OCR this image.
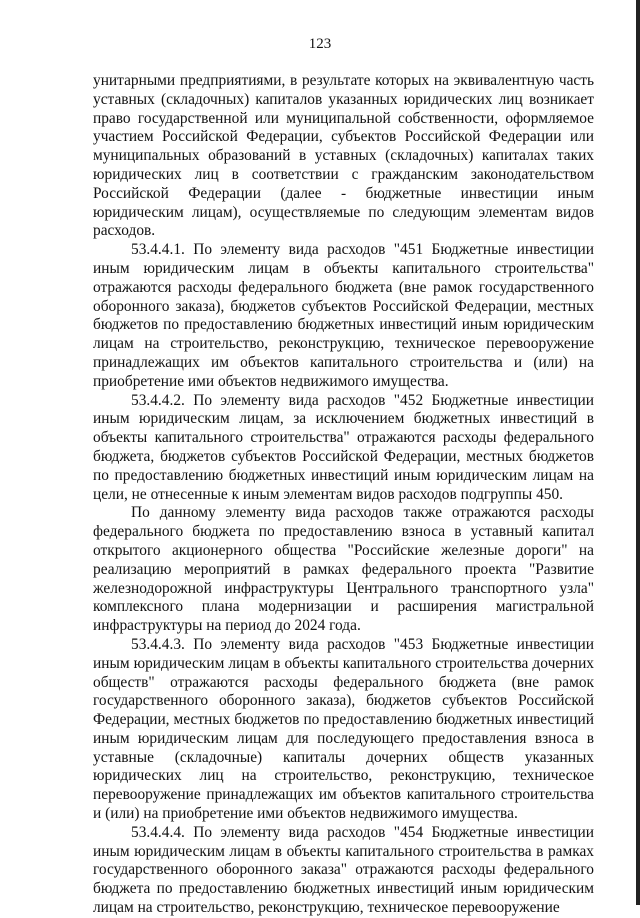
123

унитарными предприятиями, в результате которых на эквивалентную часть уставных (складочных) капиталов указанных юридических лиц возникает право государственной или муниципальной собственности, оформляемое участием Российской Федерации, субъектов Российской Федерации или муниципальных образований в уставных (складочных) капиталах таких юридических лиц в соответствии с гражданским законодательством Российской Федерации (далее - бюджетные инвестиции иным юридическим лицам), осуществляемые по следующим элементам видов расходов.

53.4.4.1. По элементу вида расходов "451 Бюджетные инвестиции иным юридическим лицам в объекты капитального строительства" отражаются расходы федерального бюджета (вне рамок государственного оборонного заказа), бюджетов субъектов Российской Федерации, местных бюджетов по предоставлению бюджетных инвестиций иным юридическим лицам на строительство, реконструкцию, техническое перевооружение принадлежащих им объектов капитального строительства и (или) на приобретение ими объектов недвижимого имущества.

53.4.4.2. По элементу вида расходов "452 Бюджетные инвестиции иным юридическим лицам, за исключением бюджетных инвестиций в объекты капитального строительства" отражаются расходы федерального бюджета, бюджетов субъектов Российской Федерации, местных бюджетов по предоставлению бюджетных инвестиций иным юридическим лицам на цели, не отнесенные к иным элементам видов расходов подгруппы 450.

По данному элементу вида расходов также отражаются расходы федерального бюджета по предоставлению взноса в уставный капитал открытого акционерного общества "Российские железные дороги" на реализацию мероприятий в рамках федерального проекта "Развитие железнодорожной инфраструктуры Центрального транспортного узла" комплексного плана модернизации и расширения магистральной инфраструктуры на период до 2024 года.

53.4.4.3. По элементу вида расходов "453 Бюджетные инвестиции иным юридическим лицам в объекты капитального строительства дочерних обществ" отражаются расходы федерального бюджета (вне рамок государственного оборонного заказа), бюджетов субъектов Российской Федерации, местных бюджетов по предоставлению бюджетных инвестиций иным юридическим лицам для последующего предоставления взноса в уставные (складочные) капиталы дочерних обществ указанных юридических лиц на строительство, реконструкцию, техническое перевооружение принадлежащих им объектов капитального строительства и (или) на приобретение ими объектов недвижимого имущества.

53.4.4.4. По элементу вида расходов "454 Бюджетные инвестиции иным юридическим лицам в объекты капитального строительства в рамках государственного оборонного заказа" отражаются расходы федерального бюджета по предоставлению бюджетных инвестиций иным юридическим лицам на строительство, реконструкцию, техническое перевооружение
